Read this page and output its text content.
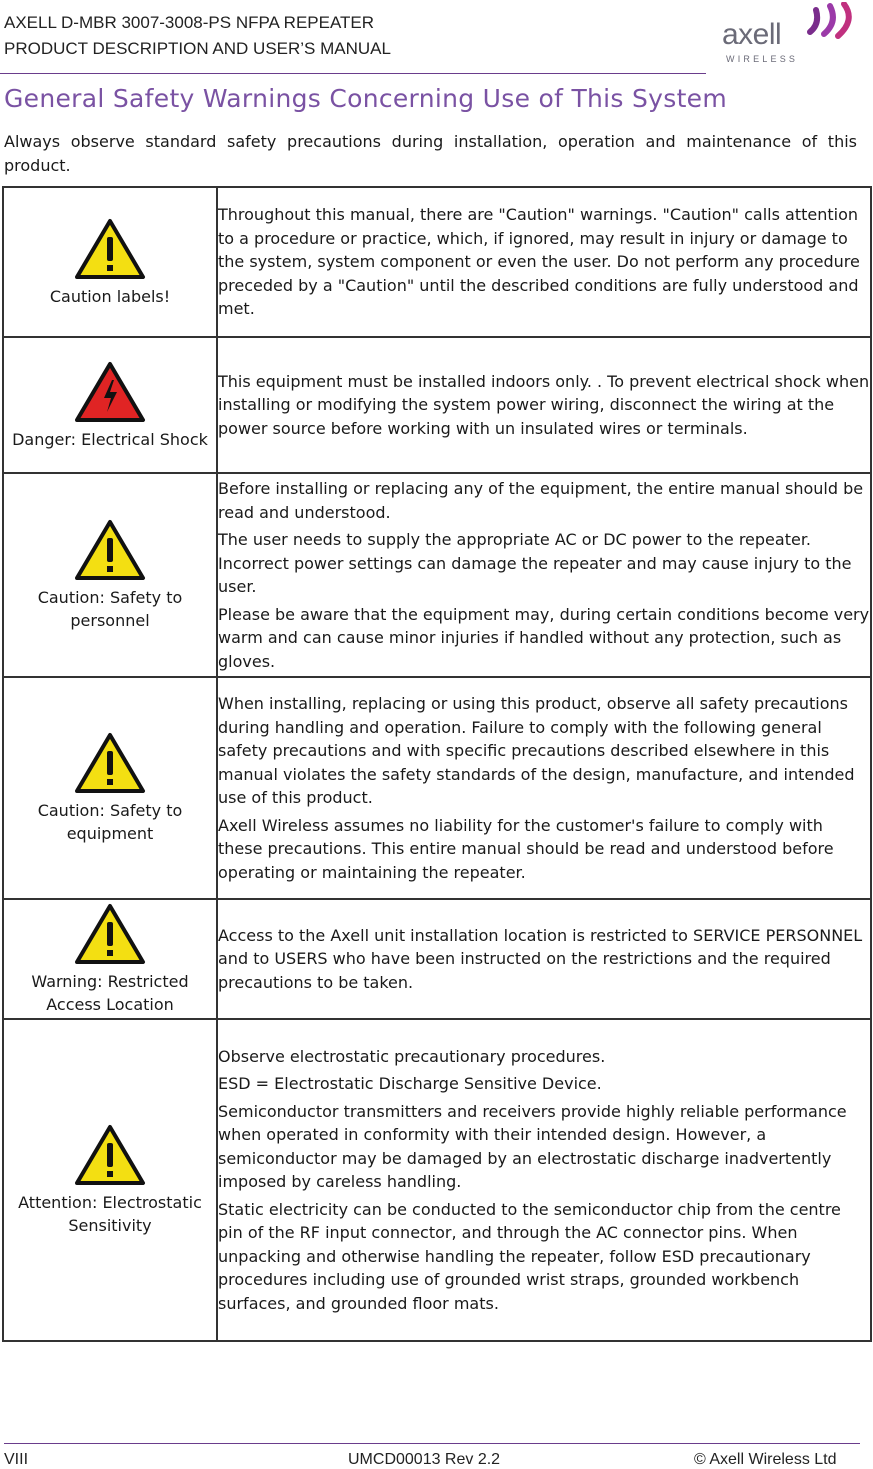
AXELL D-MBR 3007-3008-PS NFPA REPEATER
PRODUCT DESCRIPTION AND USER’S MANUAL	axell
WIRELESS
General Safety Warnings Concerning Use of This System
Always observe standard safety precautions during installation, operation and maintenance of this product.
Caution labels!	Throughout this manual, there are "Caution" warnings. "Caution" calls attention to a procedure or practice, which, if ignored, may result in injury or damage to the system, system component or even the user. Do not perform any procedure preceded by a "Caution" until the described conditions are fully understood and met.

Danger: Electrical Shock	This equipment must be installed indoors only. . To prevent electrical shock when installing or modifying the system power wiring, disconnect the wiring at the power source before working with un insulated wires or terminals.

Caution: Safety to personnel	Before installing or replacing any of the equipment, the entire manual should be read and understood.
The user needs to supply the appropriate AC or DC power to the repeater. Incorrect power settings can damage the repeater and may cause injury to the user.
Please be aware that the equipment may, during certain conditions become very warm and can cause minor injuries if handled without any protection, such as gloves.

Caution: Safety to equipment	When installing, replacing or using this product, observe all safety precautions during handling and operation. Failure to comply with the following general safety precautions and with specific precautions described elsewhere in this manual violates the safety standards of the design, manufacture, and intended use of this product.
Axell Wireless assumes no liability for the customer's failure to comply with these precautions. This entire manual should be read and understood before operating or maintaining the repeater.

Warning: Restricted Access Location	Access to the Axell unit installation location is restricted to SERVICE PERSONNEL and to USERS who have been instructed on the restrictions and the required precautions to be taken.

Attention: Electrostatic Sensitivity	Observe electrostatic precautionary procedures.
ESD = Electrostatic Discharge Sensitive Device.
Semiconductor transmitters and receivers provide highly reliable performance when operated in conformity with their intended design. However, a semiconductor may be damaged by an electrostatic discharge inadvertently imposed by careless handling.
Static electricity can be conducted to the semiconductor chip from the centre pin of the RF input connector, and through the AC connector pins. When unpacking and otherwise handling the repeater, follow ESD precautionary procedures including use of grounded wrist straps, grounded workbench surfaces, and grounded floor mats.
VIII	UMCD00013 Rev 2.2	© Axell Wireless Ltd
